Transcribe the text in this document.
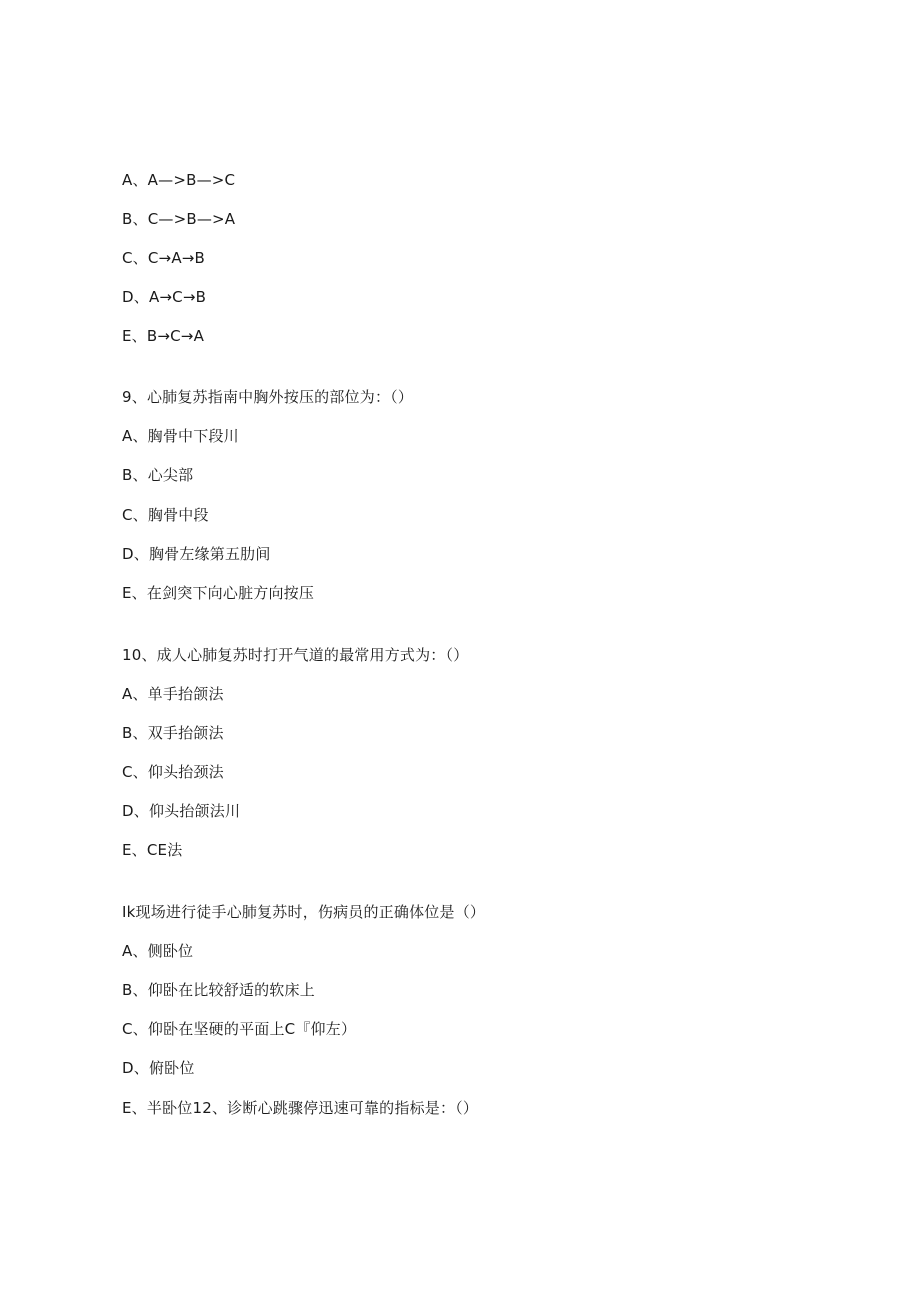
A、A—>B—>C
B、C—>B—>A
C、C→A→B
D、A→C→B
E、B→C→A
9、心肺复苏指南中胸外按压的部位为：（）
A、胸骨中下段川
B、心尖部
C、胸骨中段
D、胸骨左缘第五肋间
E、在剑突下向心脏方向按压
10、成人心肺复苏时打开气道的最常用方式为：（）
A、单手抬颌法
B、双手抬颌法
C、仰头抬颈法
D、仰头抬颌法川
E、CE法
Ik现场进行徒手心肺复苏时，伤病员的正确体位是（）
A、侧卧位
B、仰卧在比较舒适的软床上
C、仰卧在坚硬的平面上C『仰左）
D、俯卧位
E、半卧位12、诊断心跳骤停迅速可靠的指标是：（）
